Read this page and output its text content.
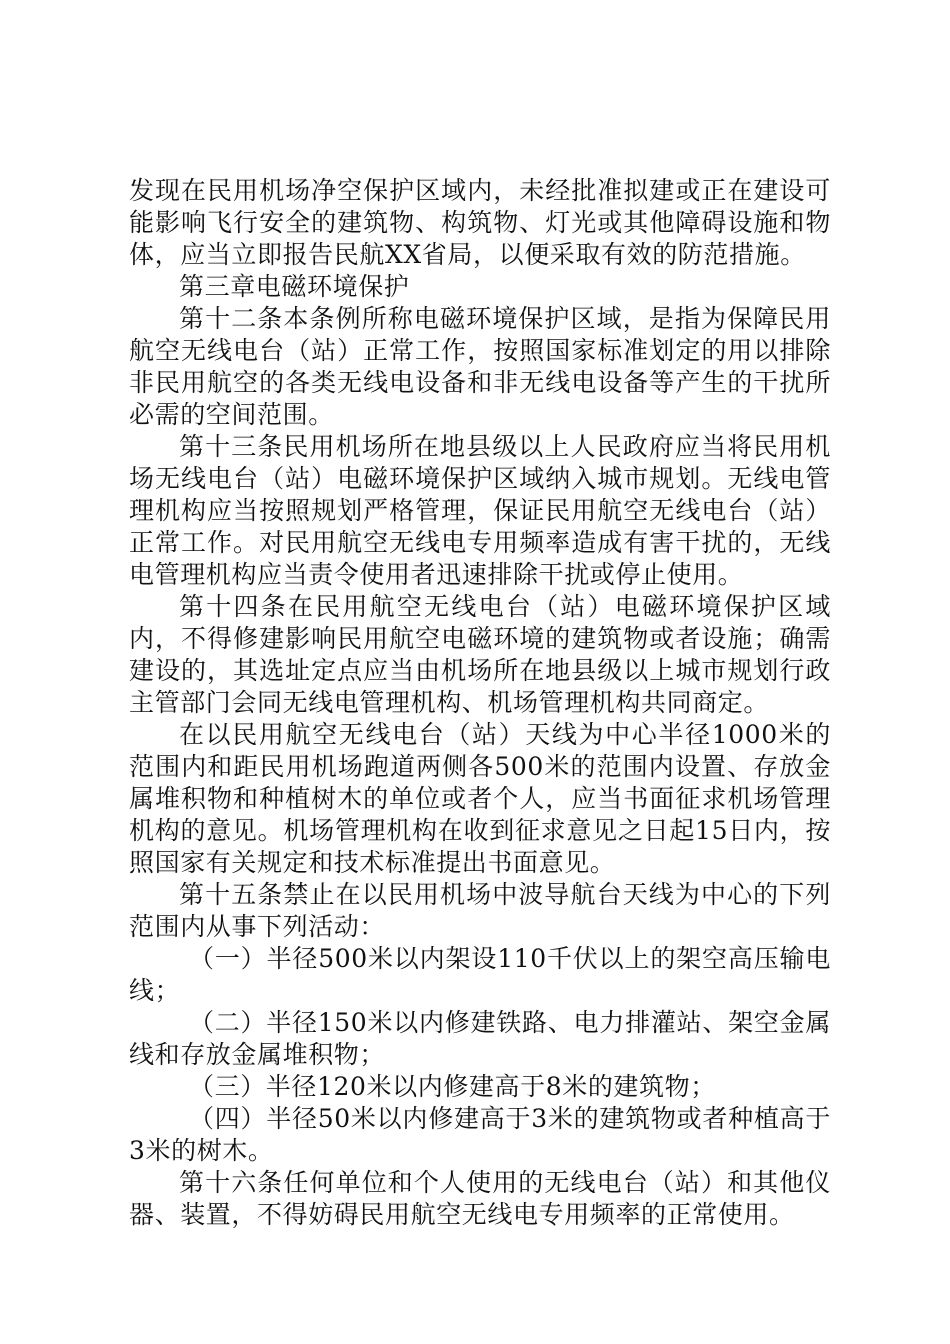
发现在民用机场净空保护区域内，未经批准拟建或正在建设可能影响飞行安全的建筑物、构筑物、灯光或其他障碍设施和物体，应当立即报告民航XX省局，以便采取有效的防范措施。

第三章电磁环境保护

第十二条本条例所称电磁环境保护区域，是指为保障民用航空无线电台（站）正常工作，按照国家标准划定的用以排除非民用航空的各类无线电设备和非无线电设备等产生的干扰所必需的空间范围。

第十三条民用机场所在地县级以上人民政府应当将民用机场无线电台（站）电磁环境保护区域纳入城市规划。无线电管理机构应当按照规划严格管理，保证民用航空无线电台（站）正常工作。对民用航空无线电专用频率造成有害干扰的，无线电管理机构应当责令使用者迅速排除干扰或停止使用。

第十四条在民用航空无线电台（站）电磁环境保护区域内，不得修建影响民用航空电磁环境的建筑物或者设施；确需建设的，其选址定点应当由机场所在地县级以上城市规划行政主管部门会同无线电管理机构、机场管理机构共同商定。

在以民用航空无线电台（站）天线为中心半径1000米的范围内和距民用机场跑道两侧各500米的范围内设置、存放金属堆积物和种植树木的单位或者个人，应当书面征求机场管理机构的意见。机场管理机构在收到征求意见之日起15日内，按照国家有关规定和技术标准提出书面意见。

第十五条禁止在以民用机场中波导航台天线为中心的下列范围内从事下列活动：

（一）半径500米以内架设110千伏以上的架空高压输电线；

（二）半径150米以内修建铁路、电力排灌站、架空金属线和存放金属堆积物；

（三）半径120米以内修建高于8米的建筑物；

（四）半径50米以内修建高于3米的建筑物或者种植高于3米的树木。

第十六条任何单位和个人使用的无线电台（站）和其他仪器、装置，不得妨碍民用航空无线电专用频率的正常使用。
